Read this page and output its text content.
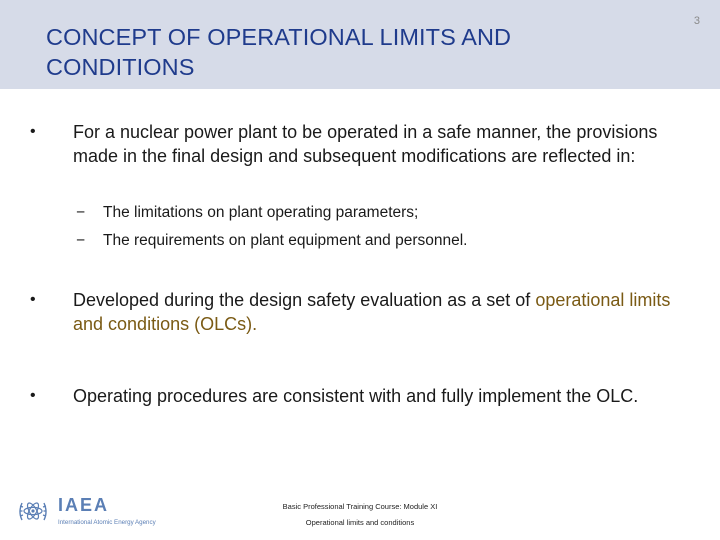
CONCEPT OF OPERATIONAL LIMITS AND CONDITIONS
3
• For a nuclear power plant to be operated in a safe manner, the provisions made in the final design and subsequent modifications are reflected in:
− The limitations on plant operating parameters;
− The requirements on plant equipment and personnel.
• Developed during the design safety evaluation as a set of operational limits and conditions (OLCs).
• Operating procedures are consistent with and fully implement the OLC.
IAEA
International Atomic Energy Agency
Basic Professional Training Course: Module XI
Operational limits and conditions
